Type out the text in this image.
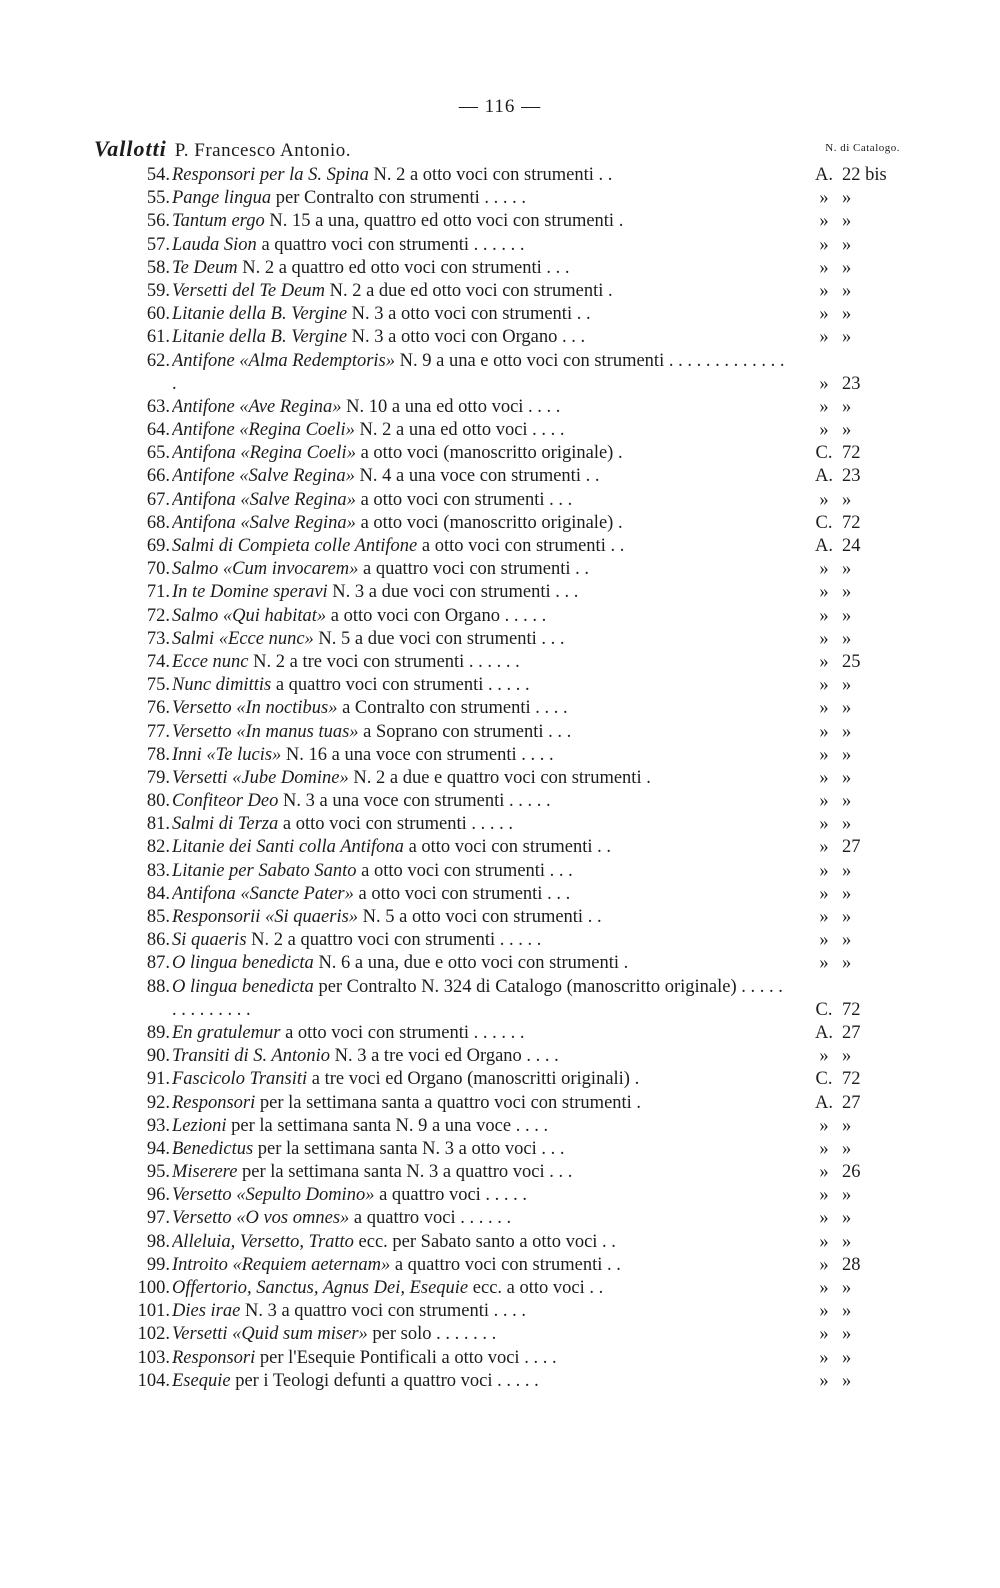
— 116 —
Vallotti P. Francesco Antonio.	N. di Catalogo.
54. Responsori per la S. Spina N. 2 a otto voci con strumenti . .	A. 22 bis
55. Pange lingua per Contralto con strumenti . . . . .	» »
56. Tantum ergo N. 15 a una, quattro ed otto voci con strumenti .	» »
57. Lauda Sion a quattro voci con strumenti . . . . . .	» »
58. Te Deum N. 2 a quattro ed otto voci con strumenti . . .	» »
59. Versetti del Te Deum N. 2 a due ed otto voci con strumenti .	» »
60. Litanie della B. Vergine N. 3 a otto voci con strumenti . .	» »
61. Litanie della B. Vergine N. 3 a otto voci con Organo . . .	» »
62. Antifone «Alma Redemptoris» N. 9 a una e otto voci con strumenti . . . . . . . . . . . . . .	» 23
63. Antifone «Ave Regina» N. 10 a una ed otto voci . . . .	» »
64. Antifone «Regina Coeli» N. 2 a una ed otto voci . . . .	» »
65. Antifona «Regina Coeli» a otto voci (manoscritto originale) .	C. 72
66. Antifone «Salve Regina» N. 4 a una voce con strumenti . .	A. 23
67. Antifona «Salve Regina» a otto voci con strumenti . . .	» »
68. Antifona «Salve Regina» a otto voci (manoscritto originale) .	C. 72
69. Salmi di Compieta colle Antifone a otto voci con strumenti . .	A. 24
70. Salmo «Cum invocarem» a quattro voci con strumenti . .	» »
71. In te Domine speravi N. 3 a due voci con strumenti . . .	» »
72. Salmo «Qui habitat» a otto voci con Organo . . . . .	» »
73. Salmi «Ecce nunc» N. 5 a due voci con strumenti . . .	» »
74. Ecce nunc N. 2 a tre voci con strumenti . . . . . .	» 25
75. Nunc dimittis a quattro voci con strumenti . . . . .	» »
76. Versetto «In noctibus» a Contralto con strumenti . . . .	» »
77. Versetto «In manus tuas» a Soprano con strumenti . . .	» »
78. Inni «Te lucis» N. 16 a una voce con strumenti . . . .	» »
79. Versetti «Jube Domine» N. 2 a due e quattro voci con strumenti .	» »
80. Confiteor Deo N. 3 a una voce con strumenti . . . . .	» »
81. Salmi di Terza a otto voci con strumenti . . . . .	» »
82. Litanie dei Santi colla Antifona a otto voci con strumenti . .	» 27
83. Litanie per Sabato Santo a otto voci con strumenti . . .	» »
84. Antifona «Sancte Pater» a otto voci con strumenti . . .	» »
85. Responsorii «Si quaeris» N. 5 a otto voci con strumenti . .	» »
86. Si quaeris N. 2 a quattro voci con strumenti . . . . .	» »
87. O lingua benedicta N. 6 a una, due e otto voci con strumenti .	» »
88. O lingua benedicta per Contralto N. 324 di Catalogo (manoscritto originale) . . . . . . . . . . . . . .	C. 72
89. En gratulemur a otto voci con strumenti . . . . . .	A. 27
90. Transiti di S. Antonio N. 3 a tre voci ed Organo . . . .	» »
91. Fascicolo Transiti a tre voci ed Organo (manoscritti originali) .	C. 72
92. Responsori per la settimana santa a quattro voci con strumenti .	A. 27
93. Lezioni per la settimana santa N. 9 a una voce . . . .	» »
94. Benedictus per la settimana santa N. 3 a otto voci . . .	» »
95. Miserere per la settimana santa N. 3 a quattro voci . . .	» 26
96. Versetto «Sepulto Domino» a quattro voci . . . . .	» »
97. Versetto «O vos omnes» a quattro voci . . . . . .	» »
98. Alleluia, Versetto, Tratto ecc. per Sabato santo a otto voci . .	» »
99. Introito «Requiem aeternam» a quattro voci con strumenti . .	» 28
100. Offertorio, Sanctus, Agnus Dei, Esequie ecc. a otto voci . .	» »
101. Dies irae N. 3 a quattro voci con strumenti . . . .	» »
102. Versetti «Quid sum miser» per solo . . . . . . .	» »
103. Responsori per l'Esequie Pontificali a otto voci . . . .	» »
104. Esequie per i Teologi defunti a quattro voci . . . . .	» »
